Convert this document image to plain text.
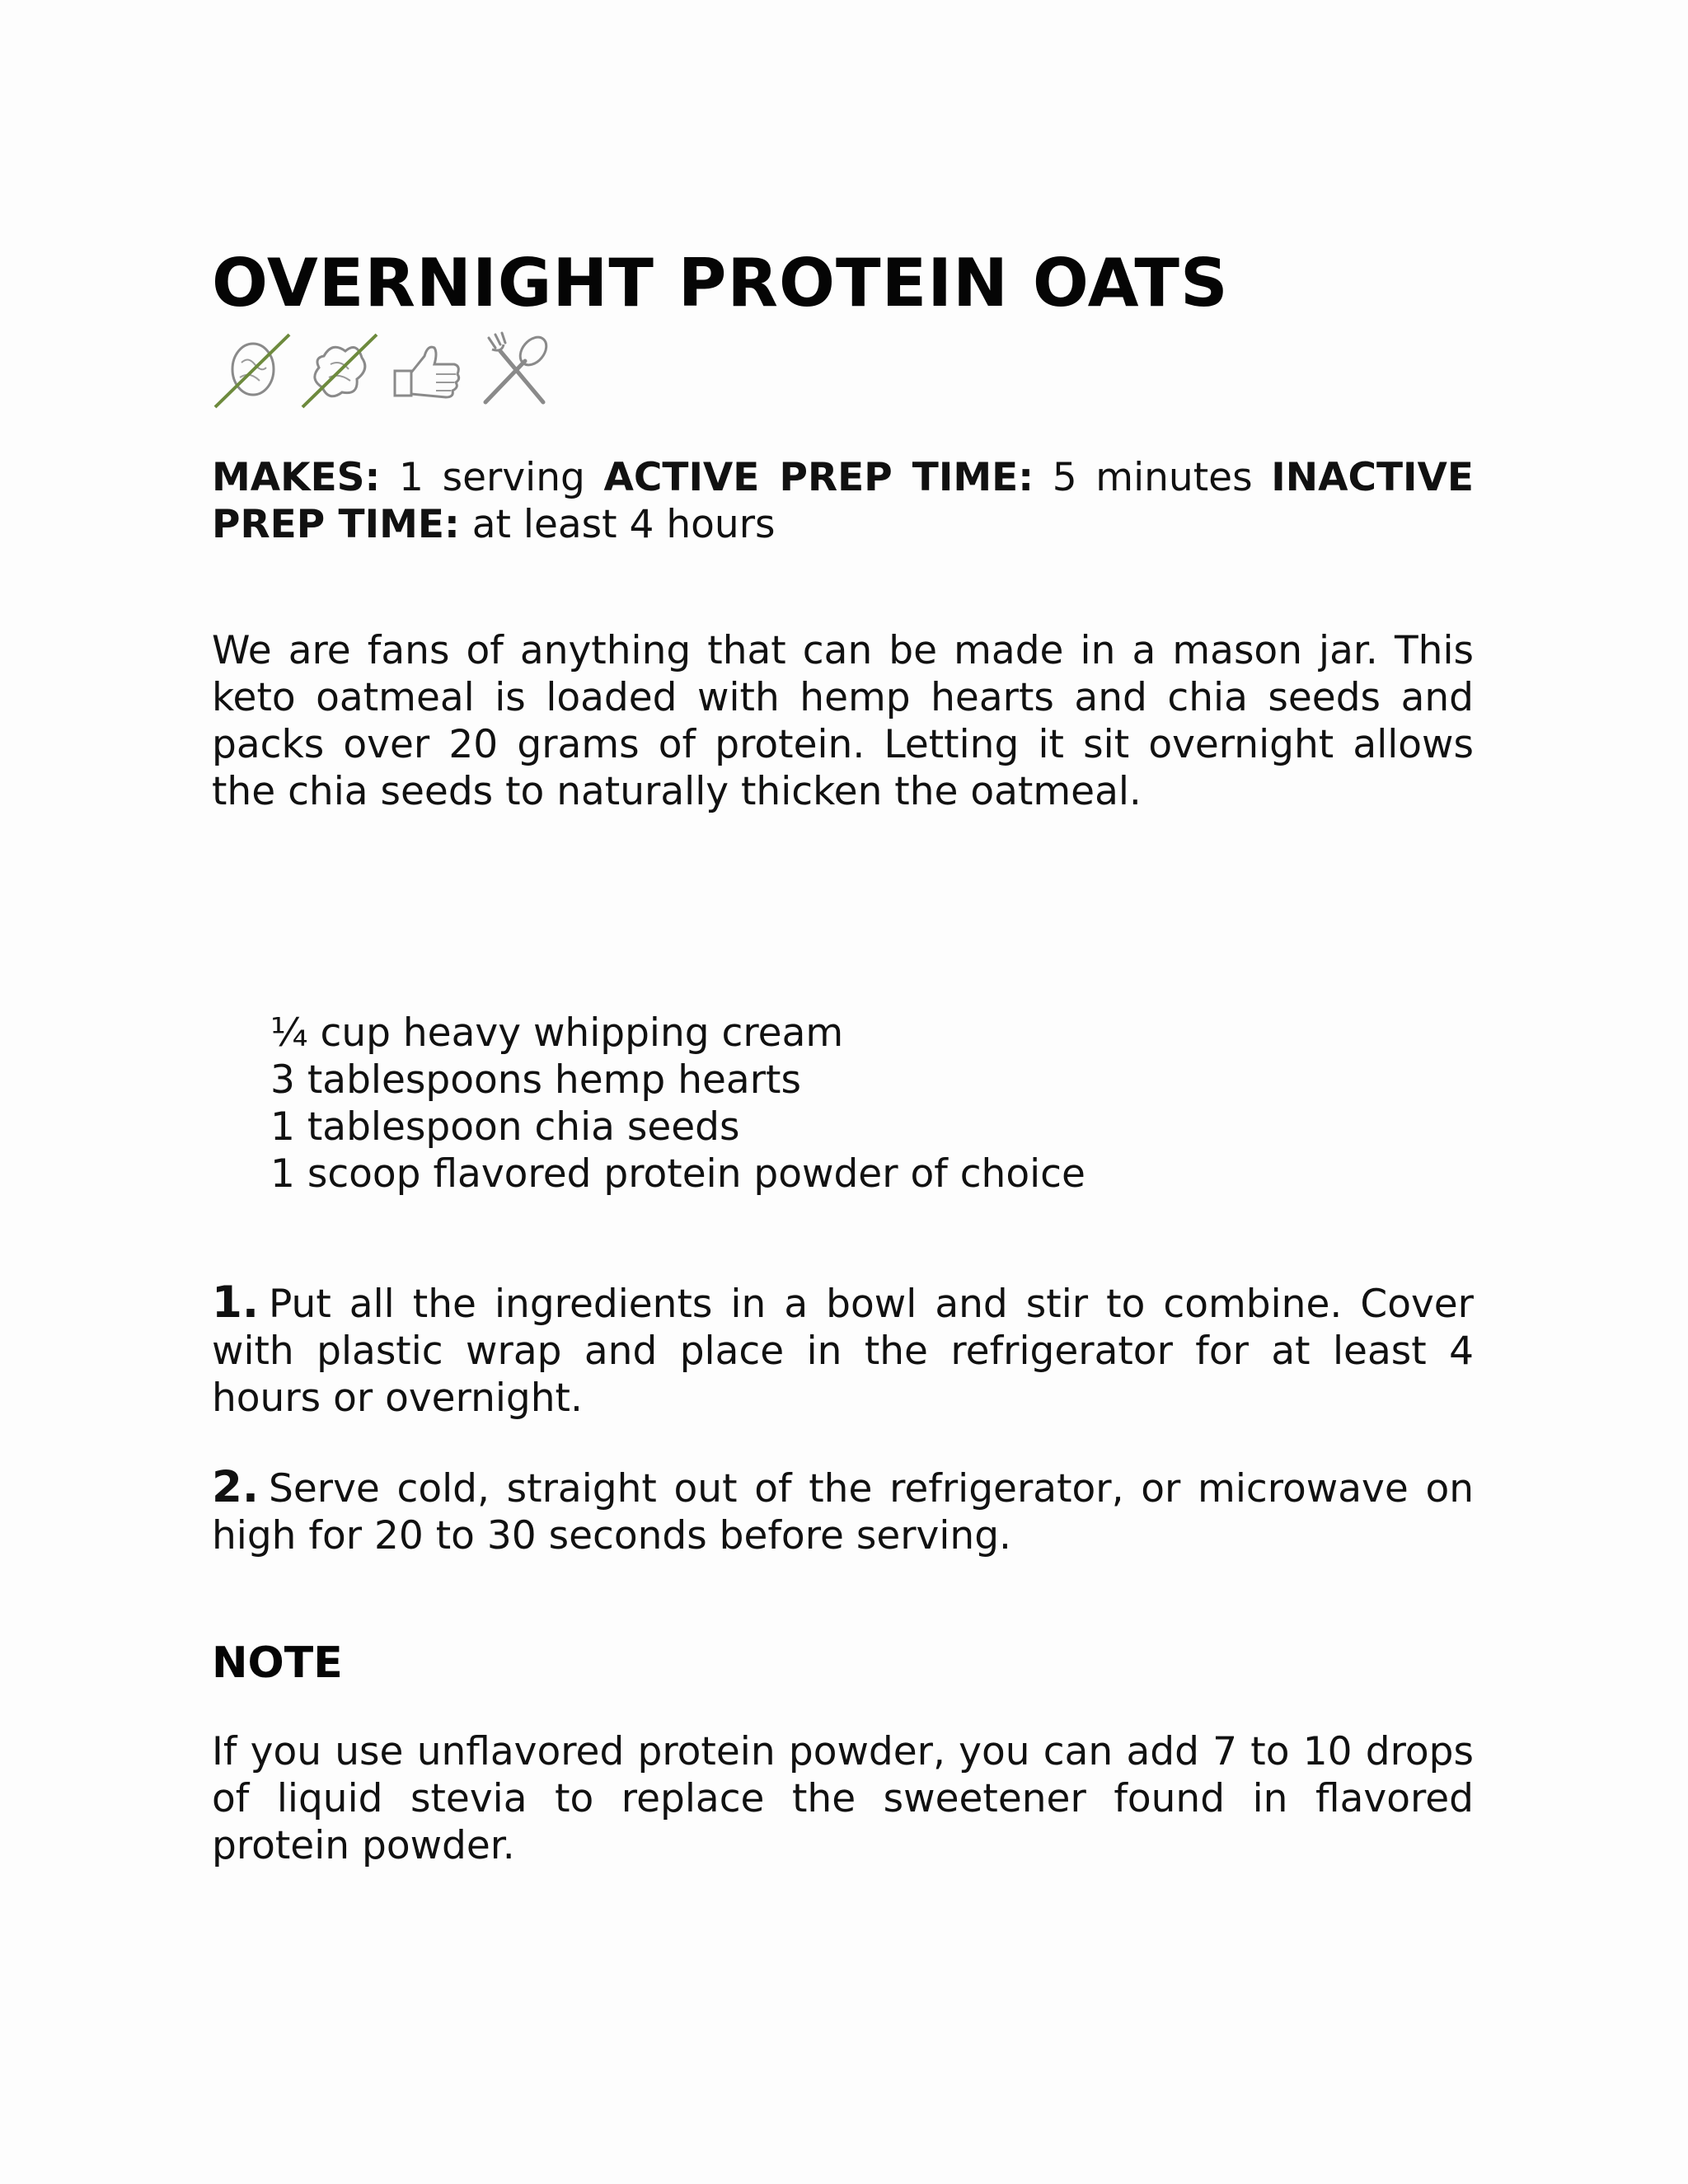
OVERNIGHT PROTEIN OATS

MAKES: 1 serving ACTIVE PREP TIME: 5 minutes INACTIVE PREP TIME: at least 4 hours

We are fans of anything that can be made in a mason jar. This keto oatmeal is loaded with hemp hearts and chia seeds and packs over 20 grams of protein. Letting it sit overnight allows the chia seeds to naturally thicken the oatmeal.

¼ cup heavy whipping cream
3 tablespoons hemp hearts
1 tablespoon chia seeds
1 scoop flavored protein powder of choice

1. Put all the ingredients in a bowl and stir to combine. Cover with plastic wrap and place in the refrigerator for at least 4 hours or overnight.

2. Serve cold, straight out of the refrigerator, or microwave on high for 20 to 30 seconds before serving.

NOTE

If you use unflavored protein powder, you can add 7 to 10 drops of liquid stevia to replace the sweetener found in flavored protein powder.
